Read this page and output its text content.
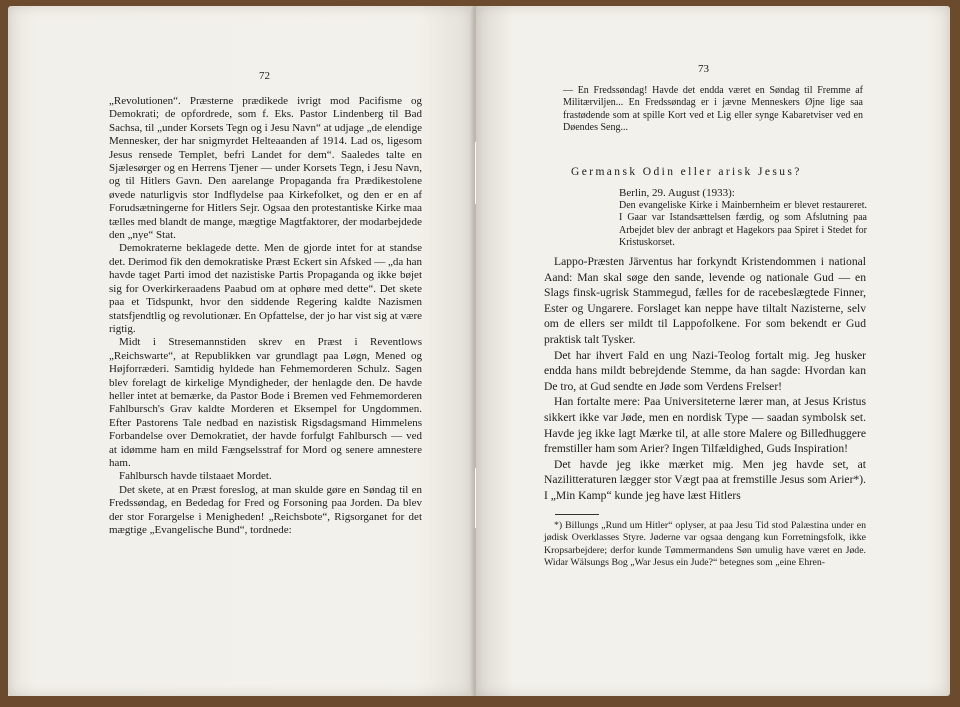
72

„Revolutionen“. Præsterne prædikede ivrigt mod Pacifisme og Demokrati; de opfordrede, som f. Eks. Pastor Lindenberg til Bad Sachsa, til „under Korsets Tegn og i Jesu Navn“ at udjage „de elendige Mennesker, der har snigmyrdet Helteaanden af 1914. Lad os, ligesom Jesus rensede Templet, befri Landet for dem“. Saaledes talte en Sjælesørger og en Herrens Tjener — under Korsets Tegn, i Jesu Navn, og til Hitlers Gavn. Den aarelange Propaganda fra Prædikestolene øvede naturligvis stor Indflydelse paa Kirkefolket, og den er en af Forudsætningerne for Hitlers Sejr. Ogsaa den protestantiske Kirke maa tælles med blandt de mange, mægtige Magtfaktorer, der modarbejdede den „nye“ Stat.

Demokraterne beklagede dette. Men de gjorde intet for at standse det. Derimod fik den demokratiske Præst Eckert sin Afsked — „da han havde taget Parti imod det nazistiske Partis Propaganda og ikke bøjet sig for Overkirkeraadens Paabud om at ophøre med dette“. Det skete paa et Tidspunkt, hvor den siddende Regering kaldte Nazismen statsfjendtlig og revolutionær. En Opfattelse, der jo har vist sig at være rigtig.

Midt i Stresemannstiden skrev en Præst i Reventlows „Reichswarte“, at Republikken var grundlagt paa Løgn, Mened og Højforræderi. Samtidig hyldede han Fehmemorderen Schulz. Sagen blev forelagt de kirkelige Myndigheder, der henlagde den. De havde heller intet at bemærke, da Pastor Bode i Bremen ved Fehmemorderen Fahlbursch's Grav kaldte Morderen et Eksempel for Ungdommen. Efter Pastorens Tale nedbad en nazistisk Rigsdagsmand Himmelens Forbandelse over Demokratiet, der havde forfulgt Fahlbursch — ved at idømme ham en mild Fængselsstraf for Mord og senere amnestere ham.

Fahlbursch havde tilstaaet Mordet.

Det skete, at en Præst foreslog, at man skulde gøre en Søndag til en Fredssøndag, en Bededag for Fred og Forsoning paa Jorden. Da blev der stor Forargelse i Menigheden! „Reichsbote“, Rigsorganet for det mægtige „Evangelische Bund“, tordnede:

73
— En Fredssøndag! Havde det endda været en Søndag til Fremme af Militærviljen... En Fredssøndag er i jævne Menneskers Øjne lige saa frastødende som at spille Kort ved et Lig eller synge Kabaretviser ved en Døendes Seng...
Germansk Odin eller arisk Jesus?

Berlin, 29. August (1933):

Den evangeliske Kirke i Mainbernheim er blevet restaureret. I Gaar var Istandsættelsen færdig, og som Afslutning paa Arbejdet blev der anbragt et Hagekors paa Spiret i Stedet for Kristuskorset.

Lappo-Præsten Järventus har forkyndt Kristendommen i national Aand: Man skal søge den sande, levende og nationale Gud — en Slags finsk-ugrisk Stammegud, fælles for de racebeslægtede Finner, Ester og Ungarere. Forslaget kan neppe have tiltalt Nazisterne, selv om de ellers ser mildt til Lappofolkene. For som bekendt er Gud praktisk talt Tysker.

Det har ihvert Fald en ung Nazi-Teolog fortalt mig. Jeg husker endda hans mildt bebrejdende Stemme, da han sagde: Hvordan kan De tro, at Gud sendte en Jøde som Verdens Frelser!

Han fortalte mere: Paa Universiteterne lærer man, at Jesus Kristus sikkert ikke var Jøde, men en nordisk Type — saadan symbolsk set. Havde jeg ikke lagt Mærke til, at alle store Malere og Billedhuggere fremstiller ham som Arier? Ingen Tilfældighed, Guds Inspiration!

Det havde jeg ikke mærket mig. Men jeg havde set, at Nazilitteraturen lægger stor Vægt paa at fremstille Jesus som Arier*). I „Min Kamp“ kunde jeg have læst Hitlers

*) Billungs „Rund um Hitler“ oplyser, at paa Jesu Tid stod Palæstina under en jødisk Overklasses Styre. Jøderne var ogsaa dengang kun Forretningsfolk, ikke Kropsarbejdere; derfor kunde Tømmermandens Søn umulig have været en Jøde. Widar Wälsungs Bog „War Jesus ein Jude?“ betegnes som „eine Ehren-
